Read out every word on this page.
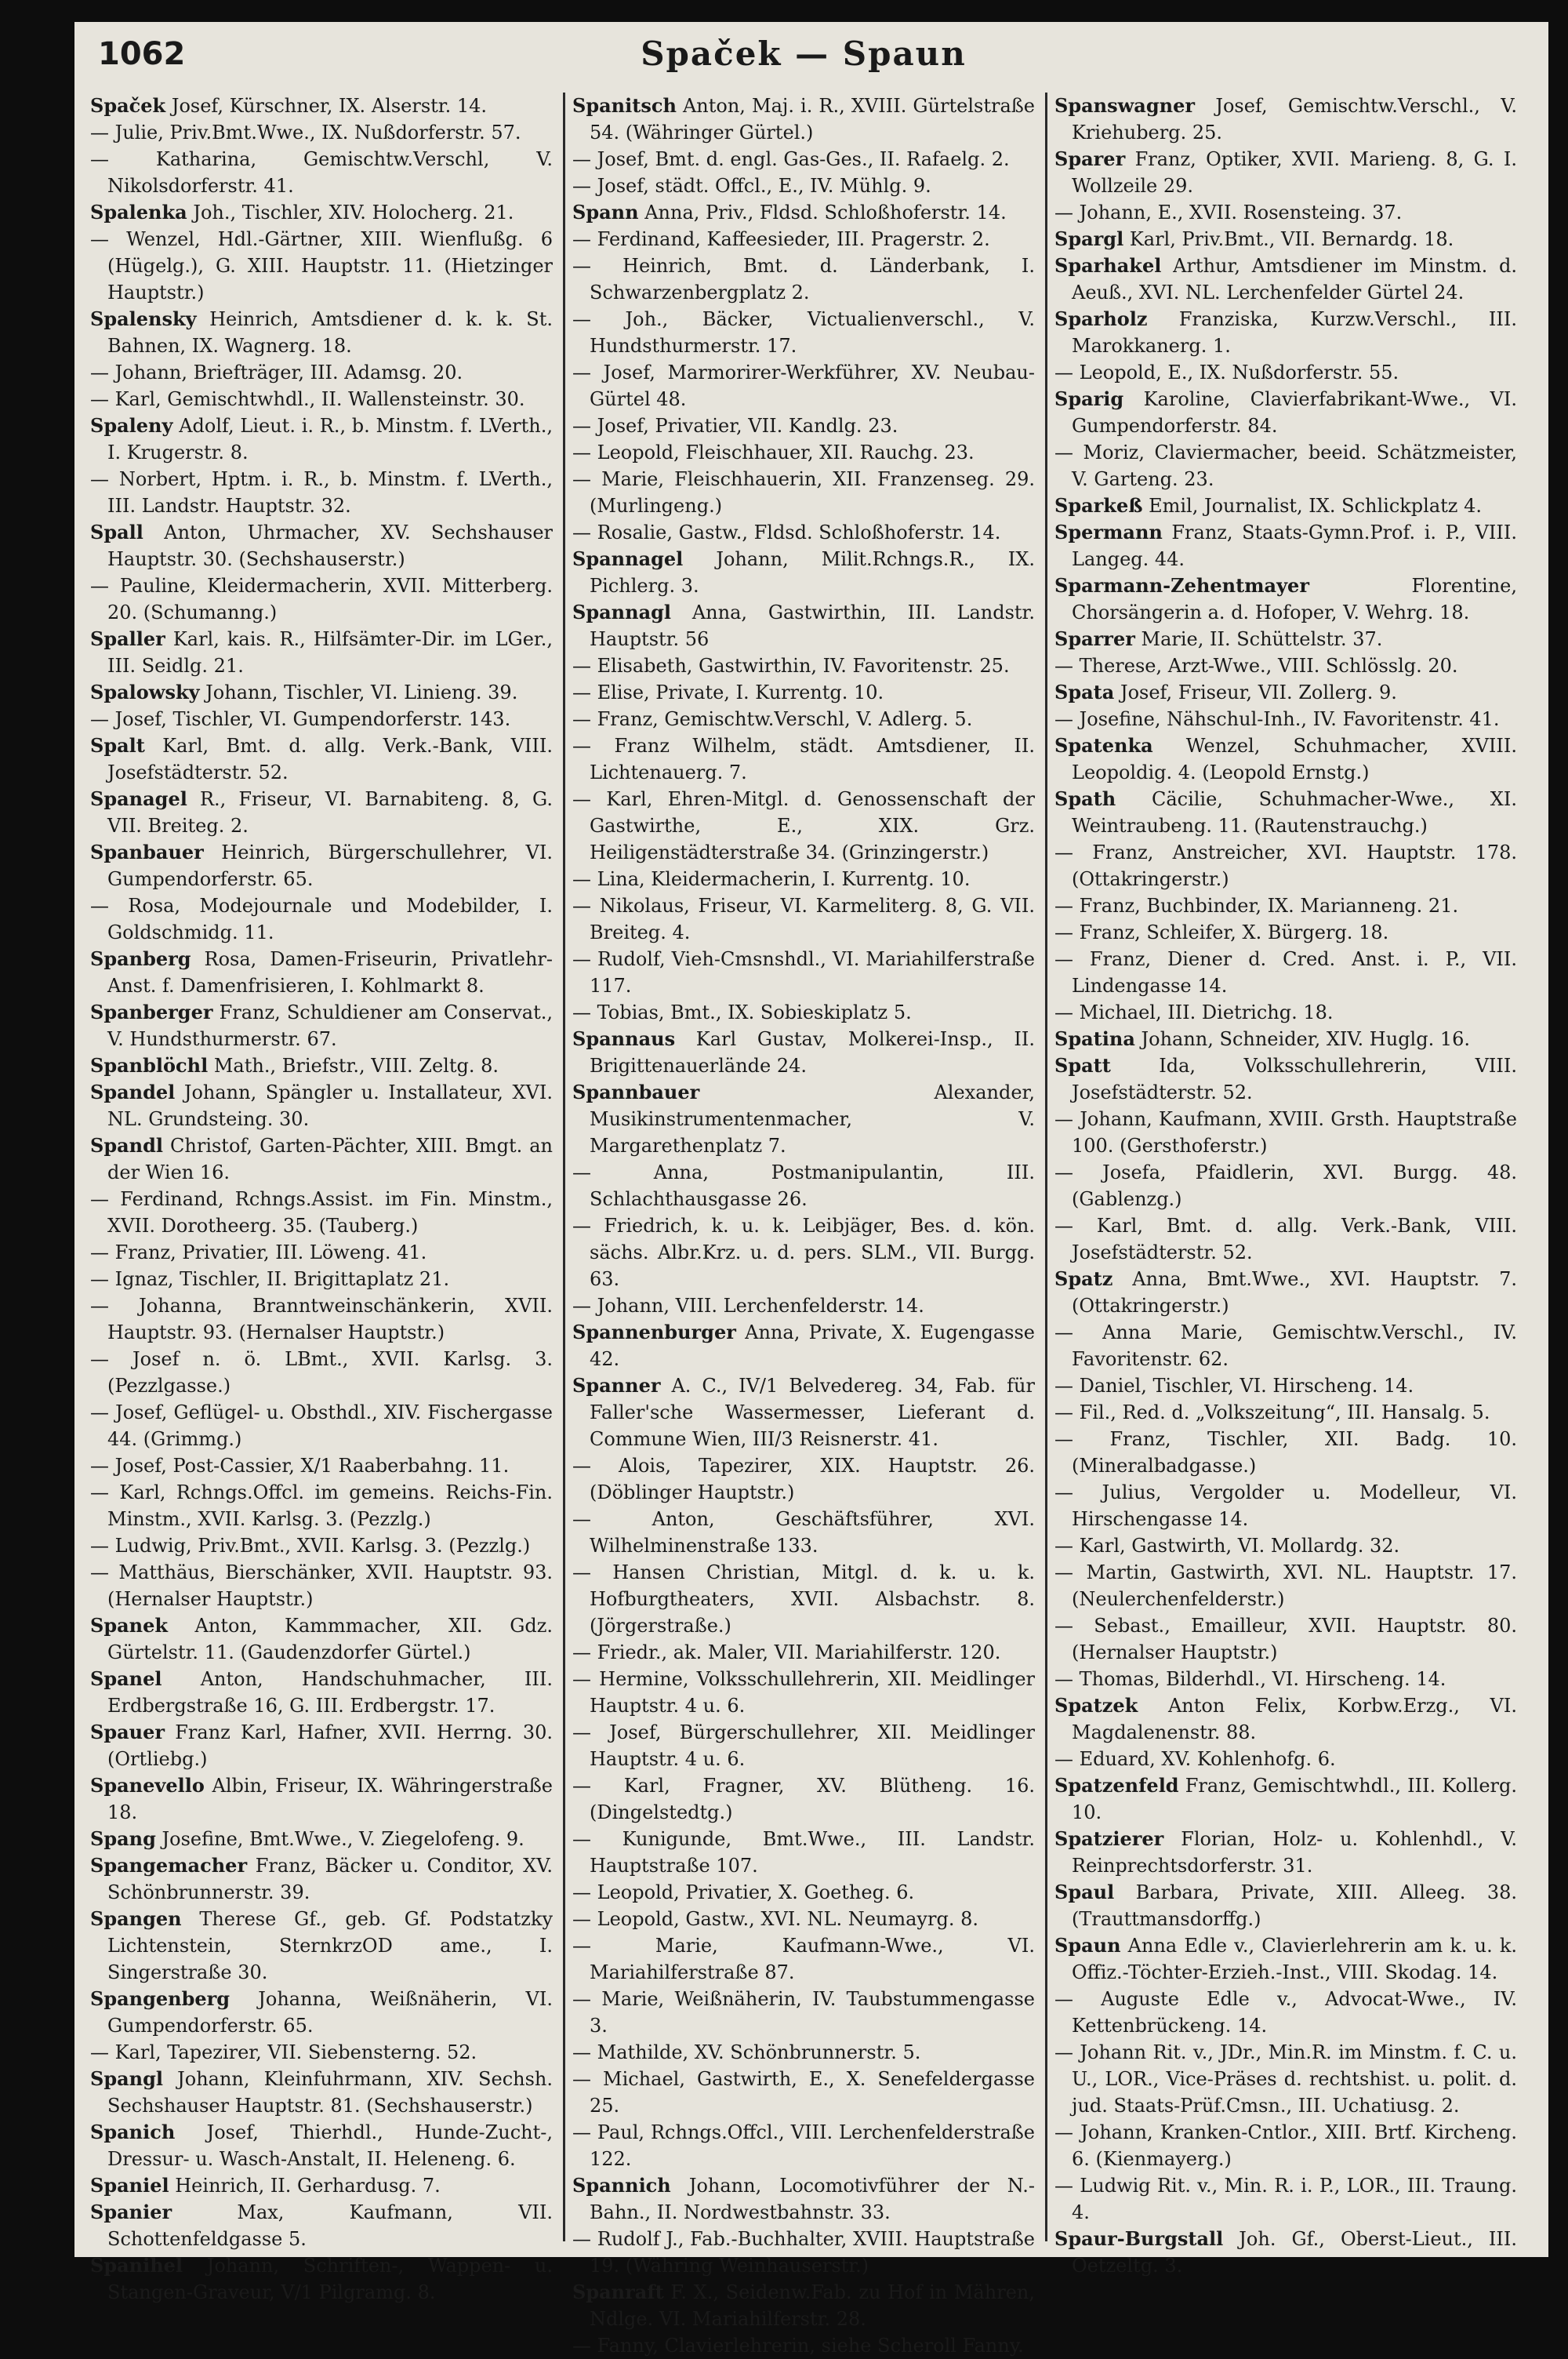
1062	Spaček — Spaun

Spaček Josef, Kürschner, IX. Alserstr. 14.

— Julie, Priv.Bmt.Wwe., IX. Nußdorferstr. 57.

— Katharina, Gemischtw.Verschl, V. Nikolsdorferstr. 41.

Spalenka Joh., Tischler, XIV. Holocherg. 21.

— Wenzel, Hdl.-Gärtner, XIII. Wienflußg. 6 (Hügelg.), G. XIII. Hauptstr. 11. (Hietzinger Hauptstr.)

Spalensky Heinrich, Amtsdiener d. k. k. St. Bahnen, IX. Wagnerg. 18.

— Johann, Briefträger, III. Adamsg. 20.

— Karl, Gemischtwhdl., II. Wallensteinstr. 30.

Spaleny Adolf, Lieut. i. R., b. Minstm. f. LVerth., I. Krugerstr. 8.

— Norbert, Hptm. i. R., b. Minstm. f. LVerth., III. Landstr. Hauptstr. 32.

Spall Anton, Uhrmacher, XV. Sechshauser Hauptstr. 30. (Sechshauserstr.)

— Pauline, Kleidermacherin, XVII. Mitterberg. 20. (Schumanng.)

Spaller Karl, kais. R., Hilfsämter-Dir. im LGer., III. Seidlg. 21.

Spalowsky Johann, Tischler, VI. Linieng. 39.

— Josef, Tischler, VI. Gumpendorferstr. 143.

Spalt Karl, Bmt. d. allg. Verk.-Bank, VIII. Josefstädterstr. 52.

Spanagel R., Friseur, VI. Barnabiteng. 8, G. VII. Breiteg. 2.

Spanbauer Heinrich, Bürgerschullehrer, VI. Gumpendorferstr. 65.

— Rosa, Modejournale und Modebilder, I. Goldschmidg. 11.

Spanberg Rosa, Damen-Friseurin, Privatlehr-Anst. f. Damenfrisieren, I. Kohlmarkt 8.

Spanberger Franz, Schuldiener am Conservat., V. Hundsthurmerstr. 67.

Spanblöchl Math., Briefstr., VIII. Zeltg. 8.

Spandel Johann, Spängler u. Installateur, XVI. NL. Grundsteing. 30.

Spandl Christof, Garten-Pächter, XIII. Bmgt. an der Wien 16.

— Ferdinand, Rchngs.Assist. im Fin. Minstm., XVII. Dorotheerg. 35. (Tauberg.)

— Franz, Privatier, III. Löweng. 41.

— Ignaz, Tischler, II. Brigittaplatz 21.

— Johanna, Branntweinschänkerin, XVII. Hauptstr. 93. (Hernalser Hauptstr.)

— Josef n. ö. LBmt., XVII. Karlsg. 3. (Pezzlgasse.)

— Josef, Geflügel- u. Obsthdl., XIV. Fischergasse 44. (Grimmg.)

— Josef, Post-Cassier, X/1 Raaberbahng. 11.

— Karl, Rchngs.Offcl. im gemeins. Reichs-Fin. Minstm., XVII. Karlsg. 3. (Pezzlg.)

— Ludwig, Priv.Bmt., XVII. Karlsg. 3. (Pezzlg.)

— Matthäus, Bierschänker, XVII. Hauptstr. 93. (Hernalser Hauptstr.)

Spanek Anton, Kammmacher, XII. Gdz. Gürtelstr. 11. (Gaudenzdorfer Gürtel.)

Spanel Anton, Handschuhmacher, III. Erdbergstraße 16, G. III. Erdbergstr. 17.

Spauer Franz Karl, Hafner, XVII. Herrng. 30. (Ortliebg.)

Spanevello Albin, Friseur, IX. Währingerstraße 18.

Spang Josefine, Bmt.Wwe., V. Ziegelofeng. 9.

Spangemacher Franz, Bäcker u. Conditor, XV. Schönbrunnerstr. 39.

Spangen Therese Gf., geb. Gf. Podstatzky Lichtenstein, SternkrzOD ame., I. Singerstraße 30.

Spangenberg Johanna, Weißnäherin, VI. Gumpendorferstr. 65.

— Karl, Tapezirer, VII. Siebensterng. 52.

Spangl Johann, Kleinfuhrmann, XIV. Sechsh. Sechshauser Hauptstr. 81. (Sechshauserstr.)

Spanich Josef, Thierhdl., Hunde-Zucht-, Dressur- u. Wasch-Anstalt, II. Heleneng. 6.

Spaniel Heinrich, II. Gerhardusg. 7.

Spanier Max, Kaufmann, VII. Schottenfeldgasse 5.

Spanihel Johann, Schriften-, Wappen- u. Stangen-Graveur, V/1 Pilgramg. 8.

Spanitsch Anton, Maj. i. R., XVIII. Gürtelstraße 54. (Währinger Gürtel.)

— Josef, Bmt. d. engl. Gas-Ges., II. Rafaelg. 2.

— Josef, städt. Offcl., E., IV. Mühlg. 9.

Spann Anna, Priv., Fldsd. Schloßhoferstr. 14.

— Ferdinand, Kaffeesieder, III. Pragerstr. 2.

— Heinrich, Bmt. d. Länderbank, I. Schwarzenbergplatz 2.

— Joh., Bäcker, Victualienverschl., V. Hundsthurmerstr. 17.

— Josef, Marmorirer-Werkführer, XV. Neubau-Gürtel 48.

— Josef, Privatier, VII. Kandlg. 23.

— Leopold, Fleischhauer, XII. Rauchg. 23.

— Marie, Fleischhauerin, XII. Franzenseg. 29. (Murlingeng.)

— Rosalie, Gastw., Fldsd. Schloßhoferstr. 14.

Spannagel Johann, Milit.Rchngs.R., IX. Pichlerg. 3.

Spannagl Anna, Gastwirthin, III. Landstr. Hauptstr. 56

— Elisabeth, Gastwirthin, IV. Favoritenstr. 25.

— Elise, Private, I. Kurrentg. 10.

— Franz, Gemischtw.Verschl, V. Adlerg. 5.

— Franz Wilhelm, städt. Amtsdiener, II. Lichtenauerg. 7.

— Karl, Ehren-Mitgl. d. Genossenschaft der Gastwirthe, E., XIX. Grz. Heiligenstädterstraße 34. (Grinzingerstr.)

— Lina, Kleidermacherin, I. Kurrentg. 10.

— Nikolaus, Friseur, VI. Karmeliterg. 8, G. VII. Breiteg. 4.

— Rudolf, Vieh-Cmsnshdl., VI. Mariahilferstraße 117.

— Tobias, Bmt., IX. Sobieskiplatz 5.

Spannaus Karl Gustav, Molkerei-Insp., II. Brigittenauerlände 24.

Spannbauer Alexander, Musikinstrumentenmacher, V. Margarethenplatz 7.

— Anna, Postmanipulantin, III. Schlachthausgasse 26.

— Friedrich, k. u. k. Leibjäger, Bes. d. kön. sächs. Albr.Krz. u. d. pers. SLM., VII. Burgg. 63.

— Johann, VIII. Lerchenfelderstr. 14.

Spannenburger Anna, Private, X. Eugengasse 42.

Spanner A. C., IV/1 Belvedereg. 34, Fab. für Faller'sche Wassermesser, Lieferant d. Commune Wien, III/3 Reisnerstr. 41.

— Alois, Tapezirer, XIX. Hauptstr. 26. (Döblinger Hauptstr.)

— Anton, Geschäftsführer, XVI. Wilhelminenstraße 133.

— Hansen Christian, Mitgl. d. k. u. k. Hofburgtheaters, XVII. Alsbachstr. 8. (Jörgerstraße.)

— Friedr., ak. Maler, VII. Mariahilferstr. 120.

— Hermine, Volksschullehrerin, XII. Meidlinger Hauptstr. 4 u. 6.

— Josef, Bürgerschullehrer, XII. Meidlinger Hauptstr. 4 u. 6.

— Karl, Fragner, XV. Blütheng. 16. (Dingelstedtg.)

— Kunigunde, Bmt.Wwe., III. Landstr. Hauptstraße 107.

— Leopold, Privatier, X. Goetheg. 6.

— Leopold, Gastw., XVI. NL. Neumayrg. 8.

— Marie, Kaufmann-Wwe., VI. Mariahilferstraße 87.

— Marie, Weißnäherin, IV. Taubstummengasse 3.

— Mathilde, XV. Schönbrunnerstr. 5.

— Michael, Gastwirth, E., X. Senefeldergasse 25.

— Paul, Rchngs.Offcl., VIII. Lerchenfelderstraße 122.

Spannich Johann, Locomotivführer der N.-Bahn., II. Nordwestbahnstr. 33.

— Rudolf J., Fab.-Buchhalter, XVIII. Hauptstraße 19. (Währing Weinhauserstr.)

Spanraft F. X., Seidenw.Fab. zu Hof in Mähren, Ndlge. VI. Mariahilferstr. 28.

— Fanny, Clavierlehrerin, siehe Scheroll Fanny.

Spanswagner Josef, Gemischtw.Verschl., V. Kriehuberg. 25.

Sparer Franz, Optiker, XVII. Marieng. 8, G. I. Wollzeile 29.

— Johann, E., XVII. Rosensteing. 37.

Spargl Karl, Priv.Bmt., VII. Bernardg. 18.

Sparhakel Arthur, Amtsdiener im Minstm. d. Aeuß., XVI. NL. Lerchenfelder Gürtel 24.

Sparholz Franziska, Kurzw.Verschl., III. Marokkanerg. 1.

— Leopold, E., IX. Nußdorferstr. 55.

Sparig Karoline, Clavierfabrikant-Wwe., VI. Gumpendorferstr. 84.

— Moriz, Claviermacher, beeid. Schätzmeister, V. Garteng. 23.

Sparkeß Emil, Journalist, IX. Schlickplatz 4.

Spermann Franz, Staats-Gymn.Prof. i. P., VIII. Langeg. 44.

Sparmann-Zehentmayer Florentine, Chorsängerin a. d. Hofoper, V. Wehrg. 18.

Sparrer Marie, II. Schüttelstr. 37.

— Therese, Arzt-Wwe., VIII. Schlösslg. 20.

Spata Josef, Friseur, VII. Zollerg. 9.

— Josefine, Nähschul-Inh., IV. Favoritenstr. 41.

Spatenka Wenzel, Schuhmacher, XVIII. Leopoldig. 4. (Leopold Ernstg.)

Spath Cäcilie, Schuhmacher-Wwe., XI. Weintraubeng. 11. (Rautenstrauchg.)

— Franz, Anstreicher, XVI. Hauptstr. 178. (Ottakringerstr.)

— Franz, Buchbinder, IX. Marianneng. 21.

— Franz, Schleifer, X. Bürgerg. 18.

— Franz, Diener d. Cred. Anst. i. P., VII. Lindengasse 14.

— Michael, III. Dietrichg. 18.

Spatina Johann, Schneider, XIV. Huglg. 16.

Spatt Ida, Volksschullehrerin, VIII. Josefstädterstr. 52.

— Johann, Kaufmann, XVIII. Grsth. Hauptstraße 100. (Gersthoferstr.)

— Josefa, Pfaidlerin, XVI. Burgg. 48. (Gablenzg.)

— Karl, Bmt. d. allg. Verk.-Bank, VIII. Josefstädterstr. 52.

Spatz Anna, Bmt.Wwe., XVI. Hauptstr. 7. (Ottakringerstr.)

— Anna Marie, Gemischtw.Verschl., IV. Favoritenstr. 62.

— Daniel, Tischler, VI. Hirscheng. 14.

— Fil., Red. d. „Volkszeitung“, III. Hansalg. 5.

— Franz, Tischler, XII. Badg. 10. (Mineralbadgasse.)

— Julius, Vergolder u. Modelleur, VI. Hirschengasse 14.

— Karl, Gastwirth, VI. Mollardg. 32.

— Martin, Gastwirth, XVI. NL. Hauptstr. 17. (Neulerchenfelderstr.)

— Sebast., Emailleur, XVII. Hauptstr. 80. (Hernalser Hauptstr.)

— Thomas, Bilderhdl., VI. Hirscheng. 14.

Spatzek Anton Felix, Korbw.Erzg., VI. Magdalenenstr. 88.

— Eduard, XV. Kohlenhofg. 6.

Spatzenfeld Franz, Gemischtwhdl., III. Kollerg. 10.

Spatzierer Florian, Holz- u. Kohlenhdl., V. Reinprechtsdorferstr. 31.

Spaul Barbara, Private, XIII. Alleeg. 38. (Trauttmansdorffg.)

Spaun Anna Edle v., Clavierlehrerin am k. u. k. Offiz.-Töchter-Erzieh.-Inst., VIII. Skodag. 14.

— Auguste Edle v., Advocat-Wwe., IV. Kettenbrückeng. 14.

— Johann Rit. v., JDr., Min.R. im Minstm. f. C. u. U., LOR., Vice-Präses d. rechtshist. u. polit. d. jud. Staats-Prüf.Cmsn., III. Uchatiusg. 2.

— Johann, Kranken-Cntlor., XIII. Brtf. Kircheng. 6. (Kienmayerg.)

— Ludwig Rit. v., Min. R. i. P., LOR., III. Traung. 4.

Spaur-Burgstall Joh. Gf., Oberst-Lieut., III. Oetzeltg. 3.
